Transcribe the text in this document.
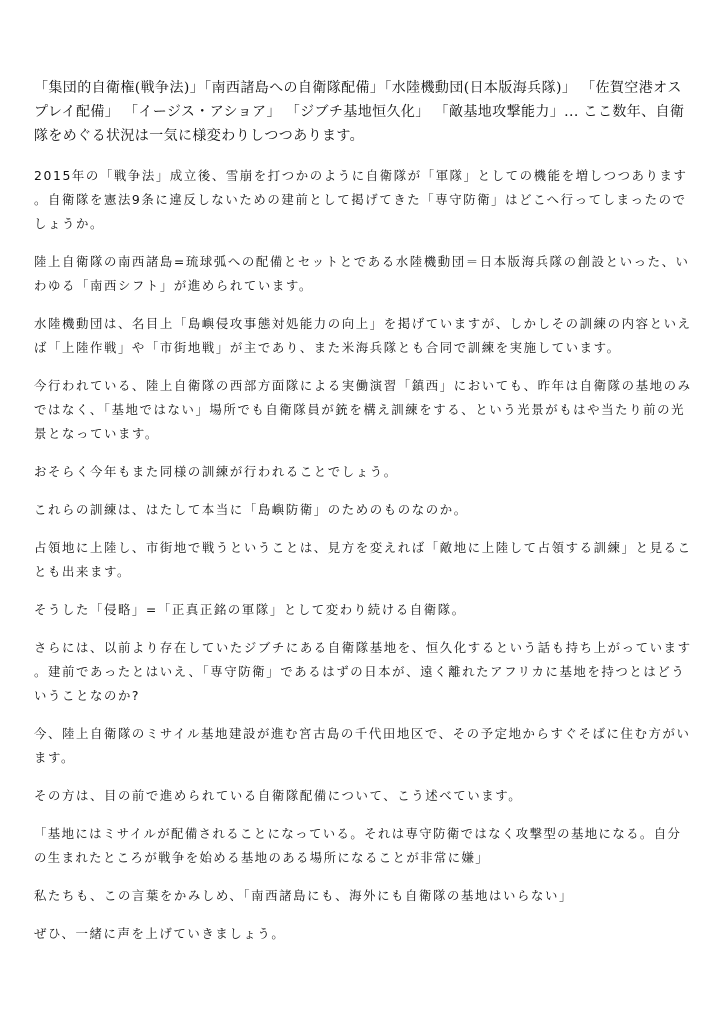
「集団的自衛権(戦争法)」「南西諸島への自衛隊配備」「水陸機動団(日本版海兵隊)」 「佐賀空港オスプレイ配備」 「イージス・アショア」 「ジブチ基地恒久化」 「敵基地攻撃能力」... ここ数年、自衛隊をめぐる状況は一気に様変わりしつつあります。

2015年の「戦争法」成立後、雪崩を打つかのように自衛隊が「軍隊」としての機能を増しつつあります。自衛隊を憲法9条に違反しないための建前として掲げてきた「専守防衛」はどこへ行ってしまったのでしょうか。

陸上自衛隊の南西諸島=琉球弧への配備とセットとである水陸機動団＝日本版海兵隊の創設といった、いわゆる「南西シフト」が進められています。

水陸機動団は、名目上「島嶼侵攻事態対処能力の向上」を掲げていますが、しかしその訓練の内容といえば「上陸作戦」や「市街地戦」が主であり、また米海兵隊とも合同で訓練を実施しています。

今行われている、陸上自衛隊の西部方面隊による実働演習「鎮西」においても、昨年は自衛隊の基地のみではなく、「基地ではない」場所でも自衛隊員が銃を構え訓練をする、という光景がもはや当たり前の光景となっています。

おそらく今年もまた同様の訓練が行われることでしょう。

これらの訓練は、はたして本当に「島嶼防衛」のためのものなのか。

占領地に上陸し、市街地で戦うということは、見方を変えれば「敵地に上陸して占領する訓練」と見ることも出来ます。

そうした「侵略」=「正真正銘の軍隊」として変わり続ける自衛隊。

さらには、以前より存在していたジブチにある自衛隊基地を、恒久化するという話も持ち上がっています。建前であったとはいえ、「専守防衛」であるはずの日本が、遠く離れたアフリカに基地を持つとはどういうことなのか?

今、陸上自衛隊のミサイル基地建設が進む宮古島の千代田地区で、その予定地からすぐそばに住む方がいます。

その方は、目の前で進められている自衛隊配備について、こう述べています。

「基地にはミサイルが配備されることになっている。それは専守防衛ではなく攻撃型の基地になる。自分の生まれたところが戦争を始める基地のある場所になることが非常に嫌」

私たちも、この言葉をかみしめ、「南西諸島にも、海外にも自衛隊の基地はいらない」

ぜひ、一緒に声を上げていきましょう。
